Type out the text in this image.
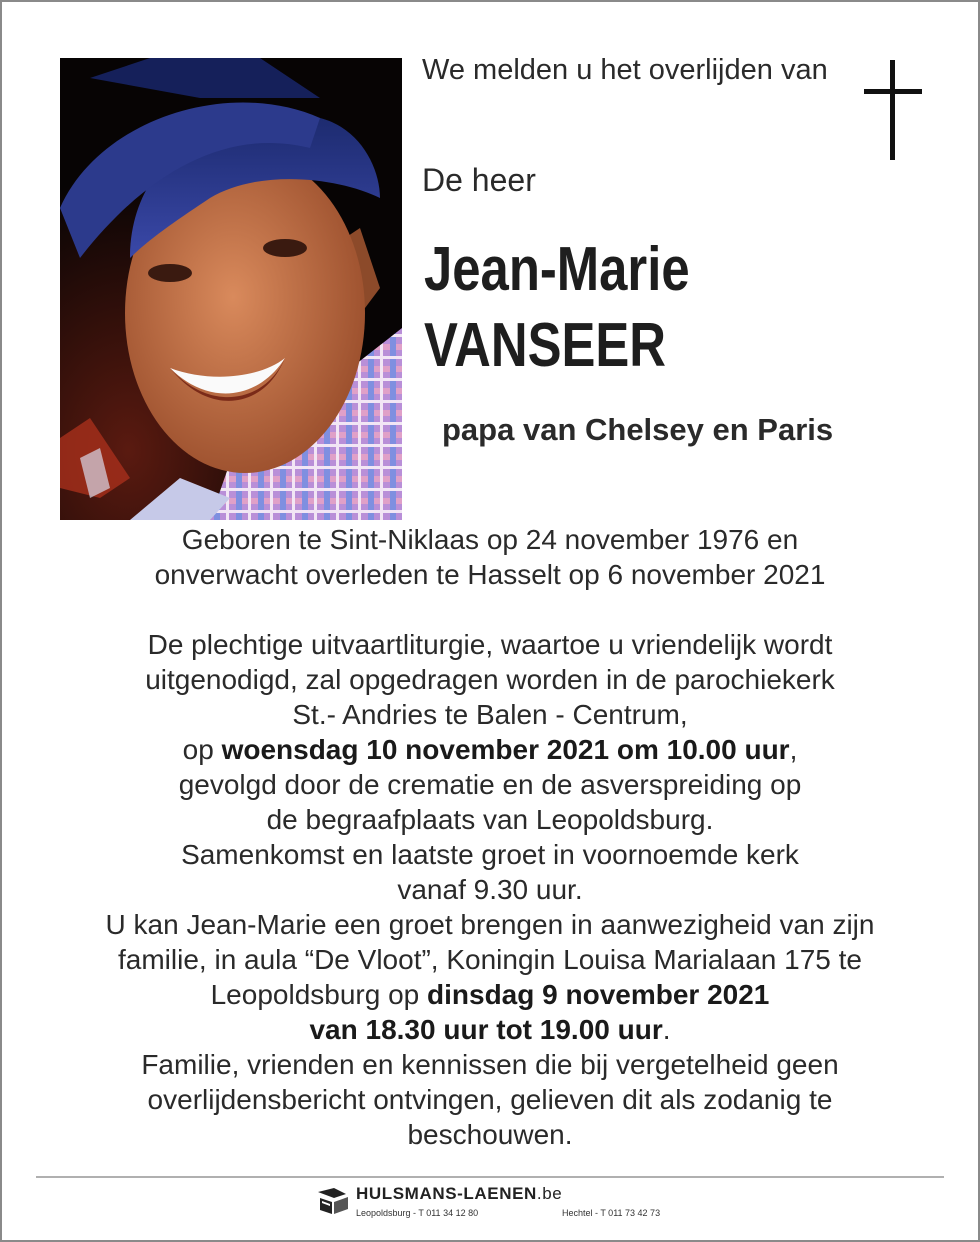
We melden u het overlijden van
De heer
Jean-Marie
VANSEER
papa van Chelsey en Paris

Geboren te Sint-Niklaas op 24 november 1976 en

onverwacht overleden te Hasselt op 6 november 2021

De plechtige uitvaartliturgie, waartoe u vriendelijk wordt

uitgenodigd, zal opgedragen worden in de parochiekerk

St.- Andries te Balen - Centrum,

op woensdag 10 november 2021 om 10.00 uur,

gevolgd door de crematie en de asverspreiding op

de begraafplaats van Leopoldsburg.

Samenkomst en laatste groet in voornoemde kerk

vanaf 9.30 uur.

U kan Jean-Marie een groet brengen in aanwezigheid van zijn

familie, in aula “De Vloot”, Koningin Louisa Marialaan 175 te

Leopoldsburg op dinsdag 9 november 2021

van 18.30 uur tot 19.00 uur.

Familie, vrienden en kennissen die bij vergetelheid geen

overlijdensbericht ontvingen, gelieven dit als zodanig te

beschouwen.

HULSMANS-LAENEN.be
Leopoldsburg - T 011 34 12 80	Hechtel - T 011 73 42 73
